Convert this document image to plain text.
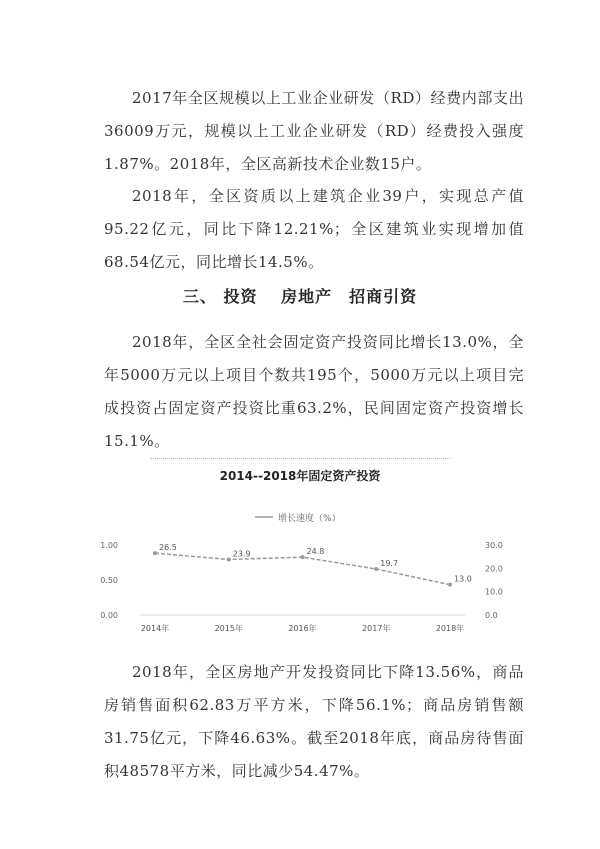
2017年全区规模以上工业企业研发（RD）经费内部支出36009万元，规模以上工业企业研发（RD）经费投入强度1.87%。2018年，全区高新技术企业数15户。

2018年，全区资质以上建筑企业39户，实现总产值95.22亿元，同比下降12.21%；全区建筑业实现增加值68.54亿元，同比增长14.5%。

三、 投资　 房地产　招商引资

2018年，全区全社会固定资产投资同比增长13.0%，全年5000万元以上项目个数共195个，5000万元以上项目完成投资占固定资产投资比重63.2%，民间固定资产投资增长15.1%。

2014--2018年固定资产投资
增长速度（%）
1.00
0.50
0.00
30.0
20.0
10.0
0.0
2014年	2015年	2016年	2017年	2018年
26.5
23.9	24.8
19.7
13.0

2018年，全区房地产开发投资同比下降13.56%，商品房销售面积62.83万平方米，下降56.1%；商品房销售额31.75亿元，下降46.63%。截至2018年底，商品房待售面积48578平方米，同比减少54.47%。
